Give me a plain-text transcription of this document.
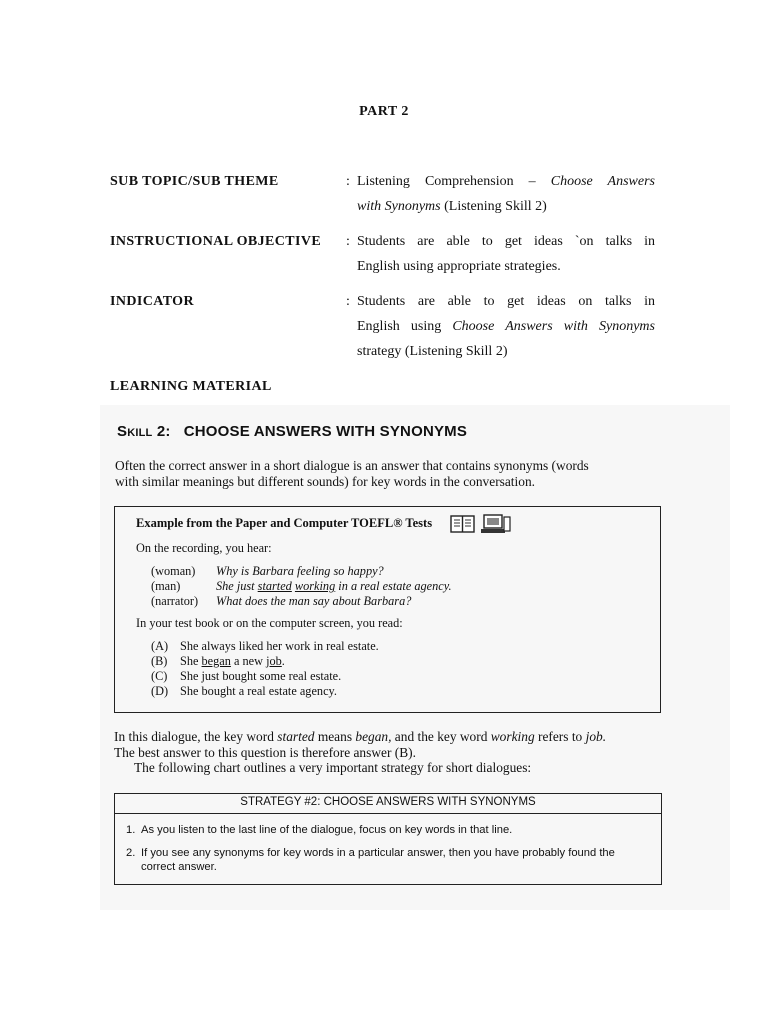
PART 2
SUB TOPIC/SUB THEME	: Listening Comprehension – Choose Answers
with Synonyms (Listening Skill 2)
INSTRUCTIONAL OBJECTIVE : Students are able to get ideas `on talks in
English using appropriate strategies.
INDICATOR	: Students are able to get ideas on talks in
English using Choose Answers with Synonyms
strategy (Listening Skill 2)
LEARNING MATERIAL
SKILL 2: CHOOSE ANSWERS WITH SYNONYMS
Often the correct answer in a short dialogue is an answer that contains synonyms (words
with similar meanings but different sounds) for key words in the conversation.
Example from the Paper and Computer TOEFL® Tests
On the recording, you hear:
(woman) Why is Barbara feeling so happy?
(man)	She just started working in a real estate agency.
(narrator) What does the man say about Barbara?
In your test book or on the computer screen, you read:
(A) She always liked her work in real estate.
(B) She began a new job.
(C) She just bought some real estate.
(D) She bought a real estate agency.
In this dialogue, the key word started means began, and the key word working refers to job.
The best answer to this question is therefore answer (B).
The following chart outlines a very important strategy for short dialogues:
STRATEGY #2: CHOOSE ANSWERS WITH SYNONYMS
1. As you listen to the last line of the dialogue, focus on key words in that line.
2. If you see any synonyms for key words in a particular answer, then you have probably found the
correct answer.
